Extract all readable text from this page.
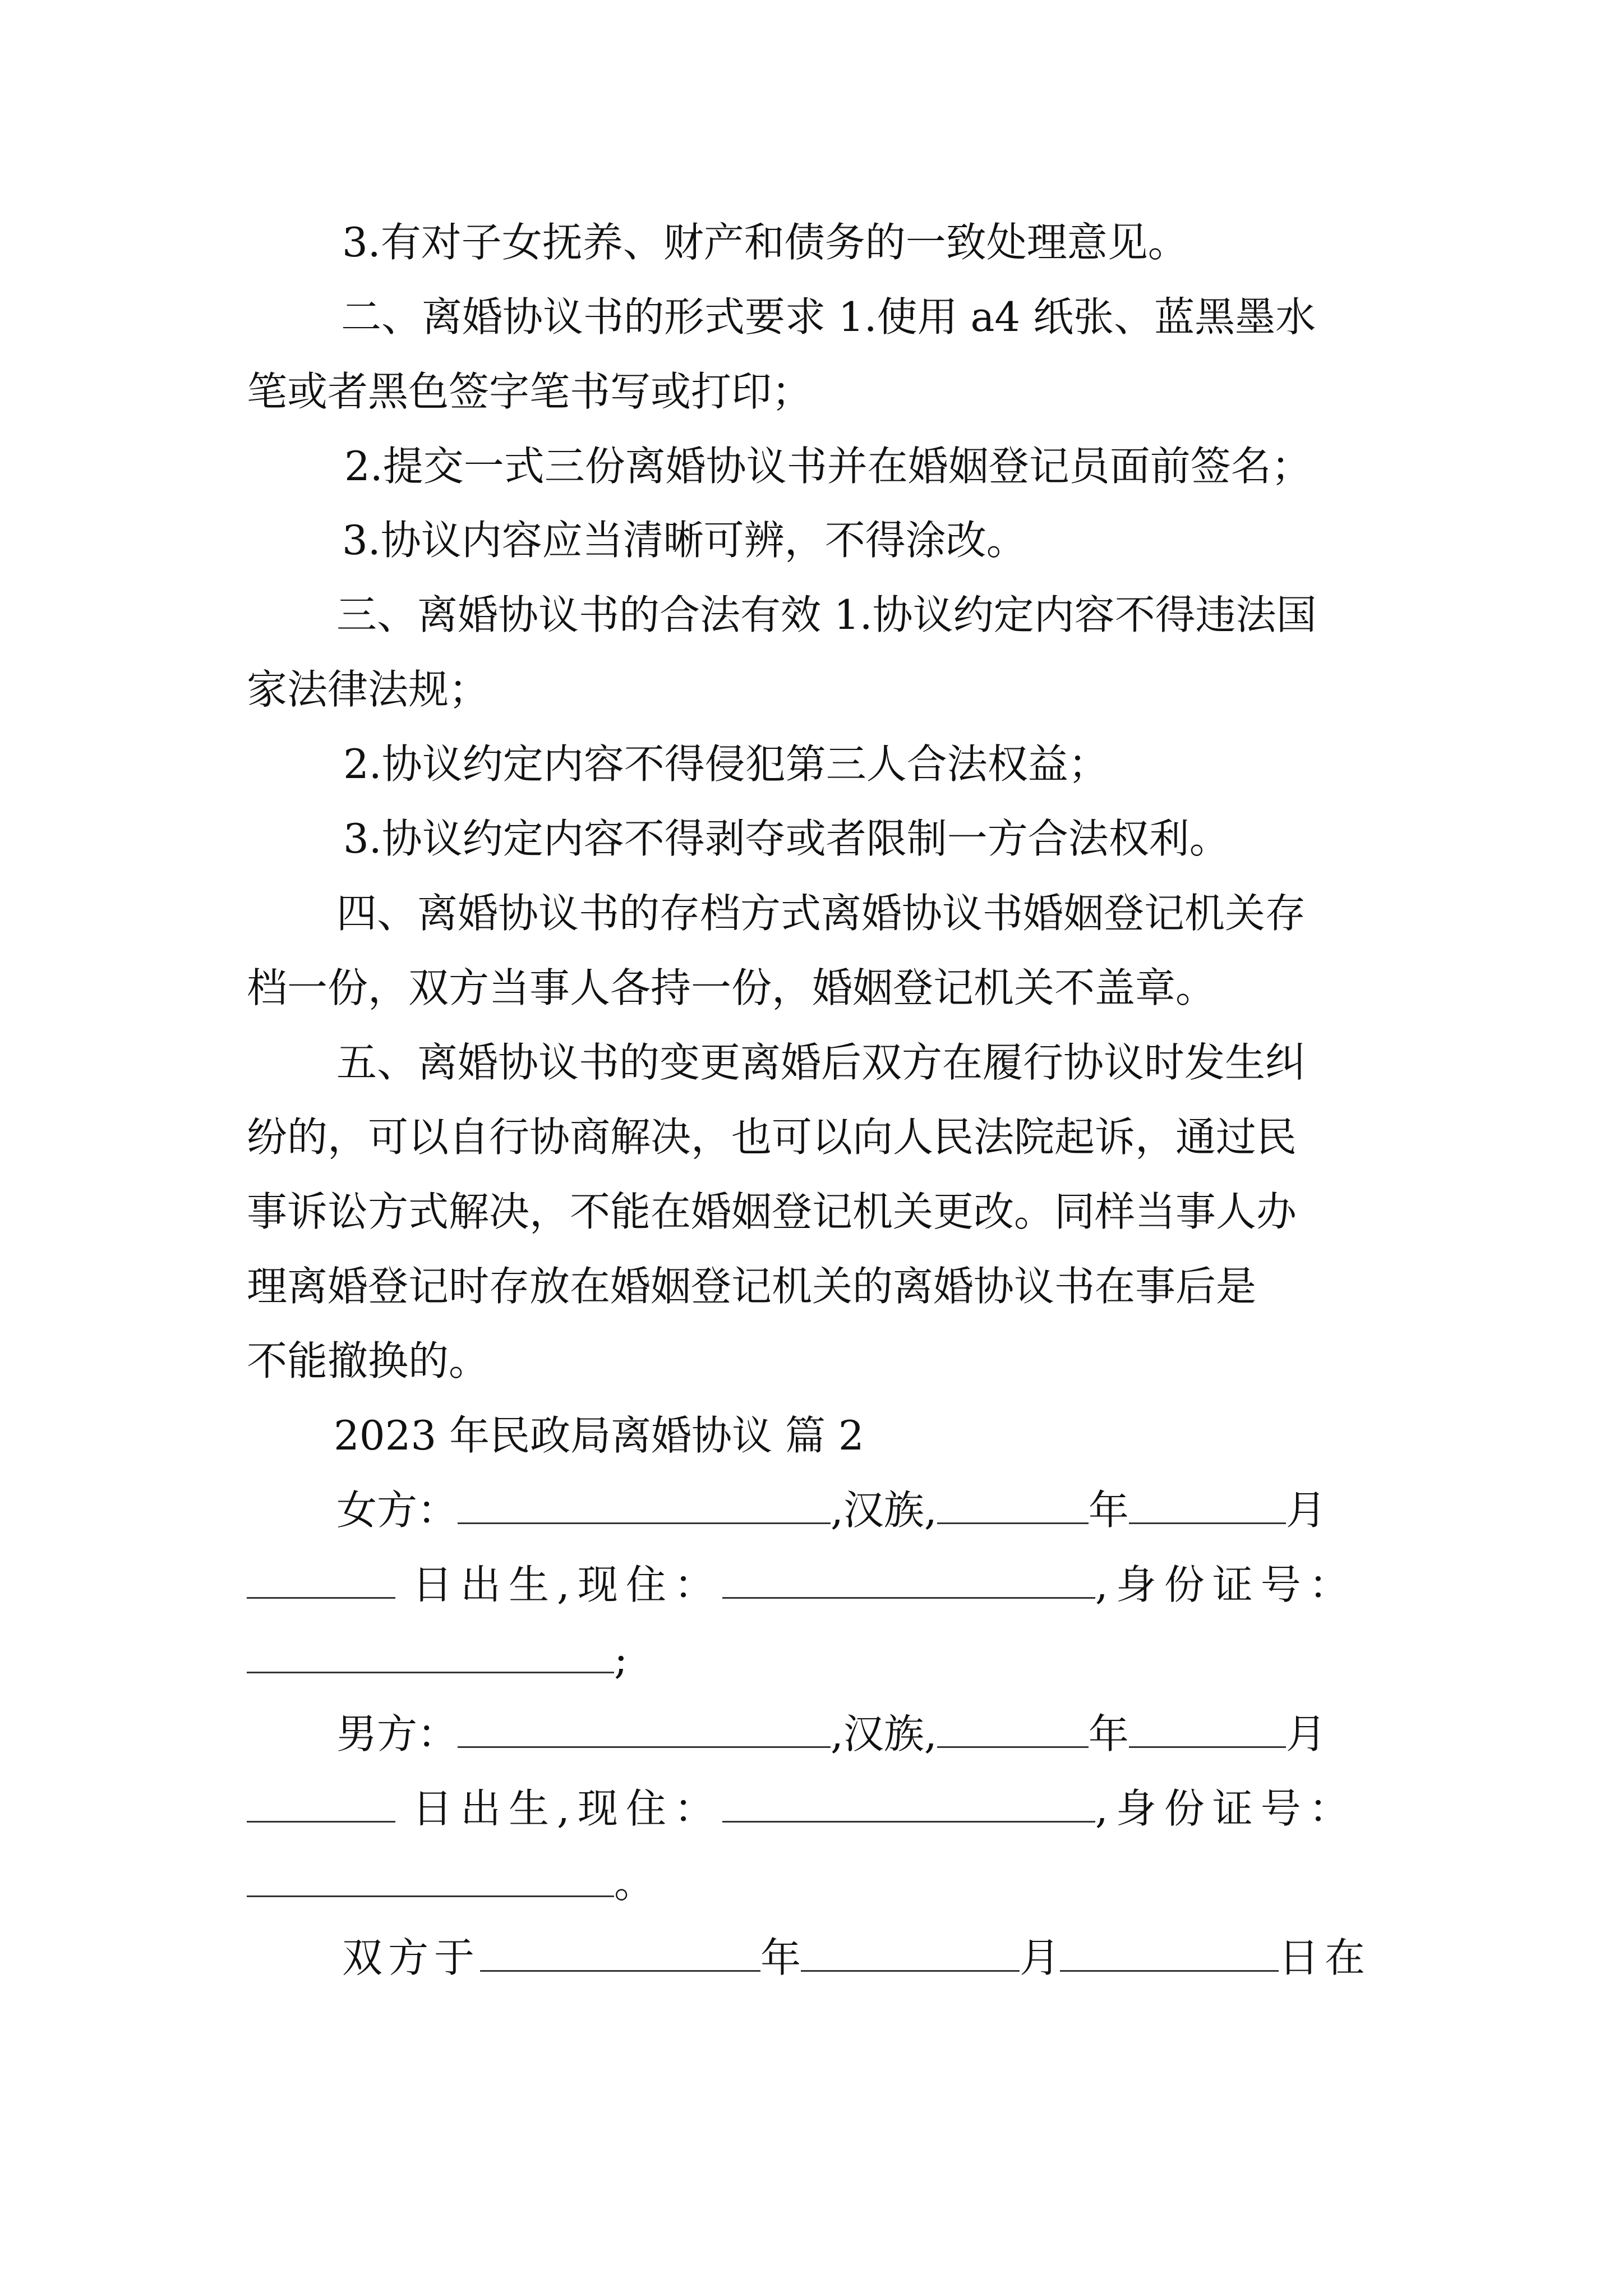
3.有对子女抚养、财产和债务的一致处理意见。
二、离婚协议书的形式要求 1.使用 a4 纸张、蓝黑墨水
笔或者黑色签字笔书写或打印；
2.提交一式三份离婚协议书并在婚姻登记员面前签名；
3.协议内容应当清晰可辨，不得涂改。
三、离婚协议书的合法有效 1.协议约定内容不得违法国
家法律法规；
2.协议约定内容不得侵犯第三人合法权益；
3.协议约定内容不得剥夺或者限制一方合法权利。
四、离婚协议书的存档方式离婚协议书婚姻登记机关存
档一份，双方当事人各持一份，婚姻登记机关不盖章。
五、离婚协议书的变更离婚后双方在履行协议时发生纠
纷的，可以自行协商解决，也可以向人民法院起诉，通过民
事诉讼方式解决，不能在婚姻登记机关更改。同样当事人办
理离婚登记时存放在婚姻登记机关的离婚协议书在事后是
不能撤换的。
2023 年民政局离婚协议 篇 2
女方：	,汉族,	年	月
日出生,现住：	,身份证号：
;
男方：	,汉族,	年	月
日出生,现住：	,身份证号：
。
双方于	年	月	日在
